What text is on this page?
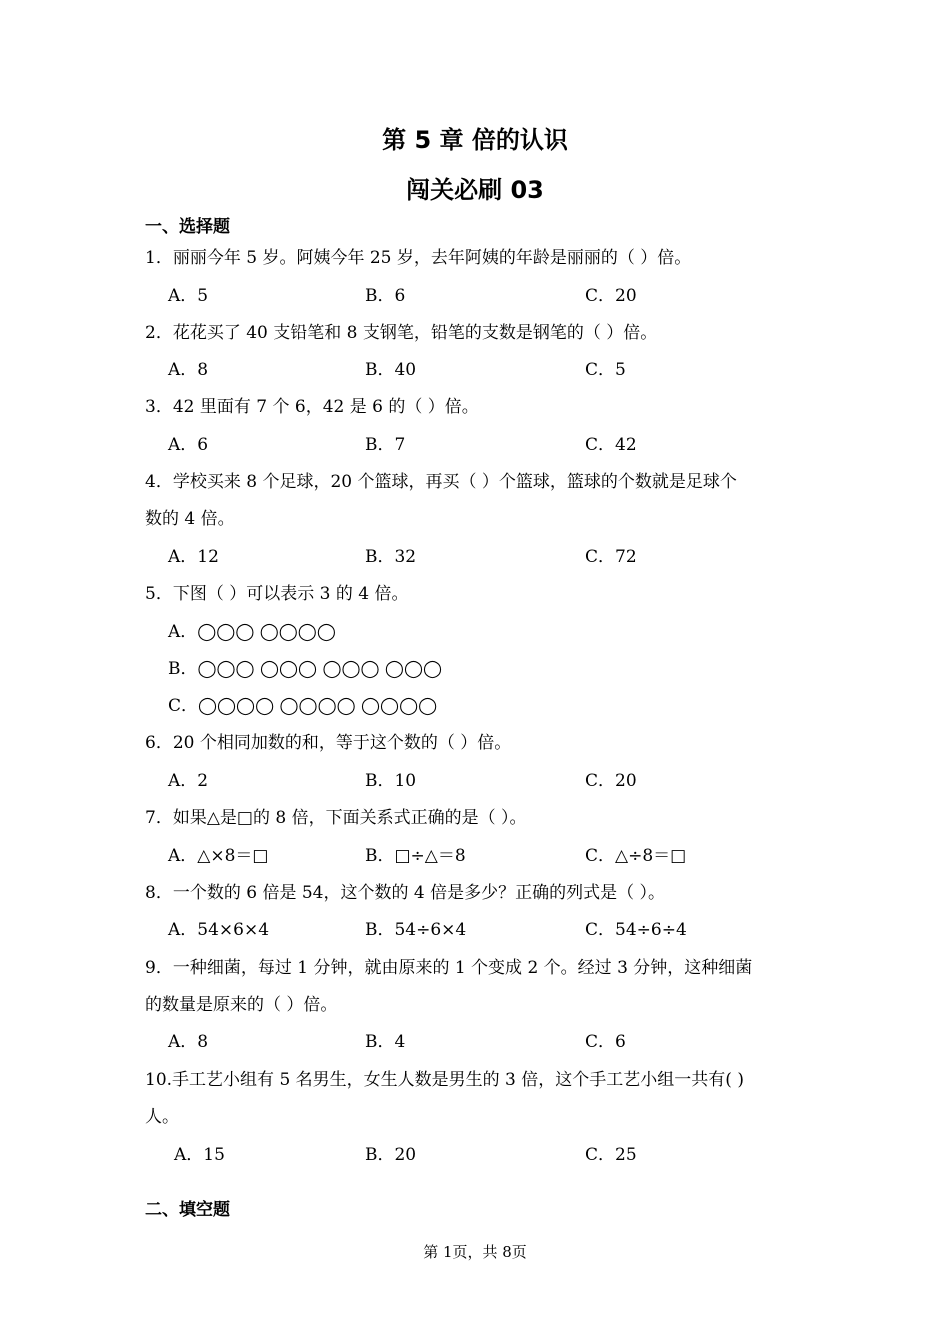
第 5 章 倍的认识
闯关必刷 03
一、选择题
1．丽丽今年 5 岁。阿姨今年 25 岁，去年阿姨的年龄是丽丽的（ ）倍。
A．5	B．6	C．20
2．花花买了 40 支铅笔和 8 支钢笔，铅笔的支数是钢笔的（ ）倍。
A．8	B．40	C．5
3．42 里面有 7 个 6，42 是 6 的（ ）倍。
A．6	B．7	C．42
4．学校买来 8 个足球，20 个篮球，再买（ ）个篮球，篮球的个数就是足球个
数的 4 倍。
A．12	B．32	C．72
5．下图（ ）可以表示 3 的 4 倍。
A．◯◯◯ ◯◯◯◯
B．◯◯◯ ◯◯◯ ◯◯◯ ◯◯◯
C．◯◯◯◯ ◯◯◯◯ ◯◯◯◯
6．20 个相同加数的和，等于这个数的（ ）倍。
A．2	B．10	C．20
7．如果△是□的 8 倍，下面关系式正确的是（ ）。
A．△×8＝□	B．□÷△＝8	C．△÷8＝□
8．一个数的 6 倍是 54，这个数的 4 倍是多少？正确的列式是（ ）。
A．54×6×4	B．54÷6×4	C．54÷6÷4
9．一种细菌，每过 1 分钟，就由原来的 1 个变成 2 个。经过 3 分钟，这种细菌
的数量是原来的（ ）倍。
A．8	B．4	C．6
10.手工艺小组有 5 名男生，女生人数是男生的 3 倍，这个手工艺小组一共有( )
人。
A．15	B．20	C．25
二、填空题
第 1页，共 8页
